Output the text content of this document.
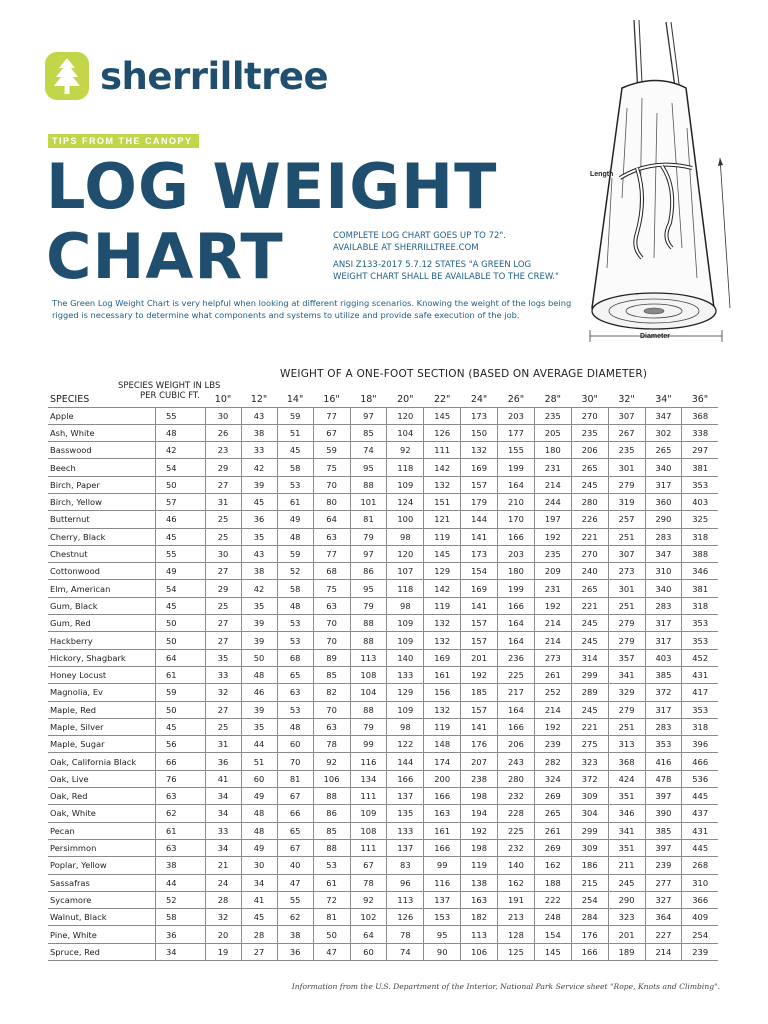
sherrilltree
TIPS FROM THE CANOPY
LOG WEIGHT
CHART	COMPLETE LOG CHART GOES UP TO 72".
AVAILABLE AT SHERRILLTREE.COM

ANSI Z133-2017 5.7.12 STATES "A GREEN LOG
WEIGHT CHART SHALL BE AVAILABLE TO THE CREW."

The Green Log Weight Chart is very helpful when looking at different rigging scenarios. Knowing the weight of the logs being
rigged is necessary to determine what components and systems to utilize and provide safe execution of the job.
Length
Diameter
WEIGHT OF A ONE-FOOT SECTION (BASED ON AVERAGE DIAMETER)
SPECIES WEIGHT IN LBS
PER CUBIC FT.
SPECIES		10"	12"	14"	16"	18"	20"	22"	24"	26"	28"	30"	32"	34"	36"
Apple	55	30	43	59	77	97	120	145	173	203	235	270	307	347	368
Ash, White	48	26	38	51	67	85	104	126	150	177	205	235	267	302	338
Basswood	42	23	33	45	59	74	92	111	132	155	180	206	235	265	297
Beech	54	29	42	58	75	95	118	142	169	199	231	265	301	340	381
Birch, Paper	50	27	39	53	70	88	109	132	157	164	214	245	279	317	353
Birch, Yellow	57	31	45	61	80	101	124	151	179	210	244	280	319	360	403
Butternut	46	25	36	49	64	81	100	121	144	170	197	226	257	290	325
Cherry, Black	45	25	35	48	63	79	98	119	141	166	192	221	251	283	318
Chestnut	55	30	43	59	77	97	120	145	173	203	235	270	307	347	388
Cottonwood	49	27	38	52	68	86	107	129	154	180	209	240	273	310	346
Elm, American	54	29	42	58	75	95	118	142	169	199	231	265	301	340	381
Gum, Black	45	25	35	48	63	79	98	119	141	166	192	221	251	283	318
Gum, Red	50	27	39	53	70	88	109	132	157	164	214	245	279	317	353
Hackberry	50	27	39	53	70	88	109	132	157	164	214	245	279	317	353
Hickory, Shagbark	64	35	50	68	89	113	140	169	201	236	273	314	357	403	452
Honey Locust	61	33	48	65	85	108	133	161	192	225	261	299	341	385	431
Magnolia, Ev	59	32	46	63	82	104	129	156	185	217	252	289	329	372	417
Maple, Red	50	27	39	53	70	88	109	132	157	164	214	245	279	317	353
Maple, Silver	45	25	35	48	63	79	98	119	141	166	192	221	251	283	318
Maple, Sugar	56	31	44	60	78	99	122	148	176	206	239	275	313	353	396
Oak, California Black	66	36	51	70	92	116	144	174	207	243	282	323	368	416	466
Oak, Live	76	41	60	81	106	134	166	200	238	280	324	372	424	478	536
Oak, Red	63	34	49	67	88	111	137	166	198	232	269	309	351	397	445
Oak, White	62	34	48	66	86	109	135	163	194	228	265	304	346	390	437
Pecan	61	33	48	65	85	108	133	161	192	225	261	299	341	385	431
Persimmon	63	34	49	67	88	111	137	166	198	232	269	309	351	397	445
Poplar, Yellow	38	21	30	40	53	67	83	99	119	140	162	186	211	239	268
Sassafras	44	24	34	47	61	78	96	116	138	162	188	215	245	277	310
Sycamore	52	28	41	55	72	92	113	137	163	191	222	254	290	327	366
Walnut, Black	58	32	45	62	81	102	126	153	182	213	248	284	323	364	409
Pine, White	36	20	28	38	50	64	78	95	113	128	154	176	201	227	254
Spruce, Red	34	19	27	36	47	60	74	90	106	125	145	166	189	214	239
Information from the U.S. Department of the Interior, National Park Service sheet "Rope, Knots and Climbing".
